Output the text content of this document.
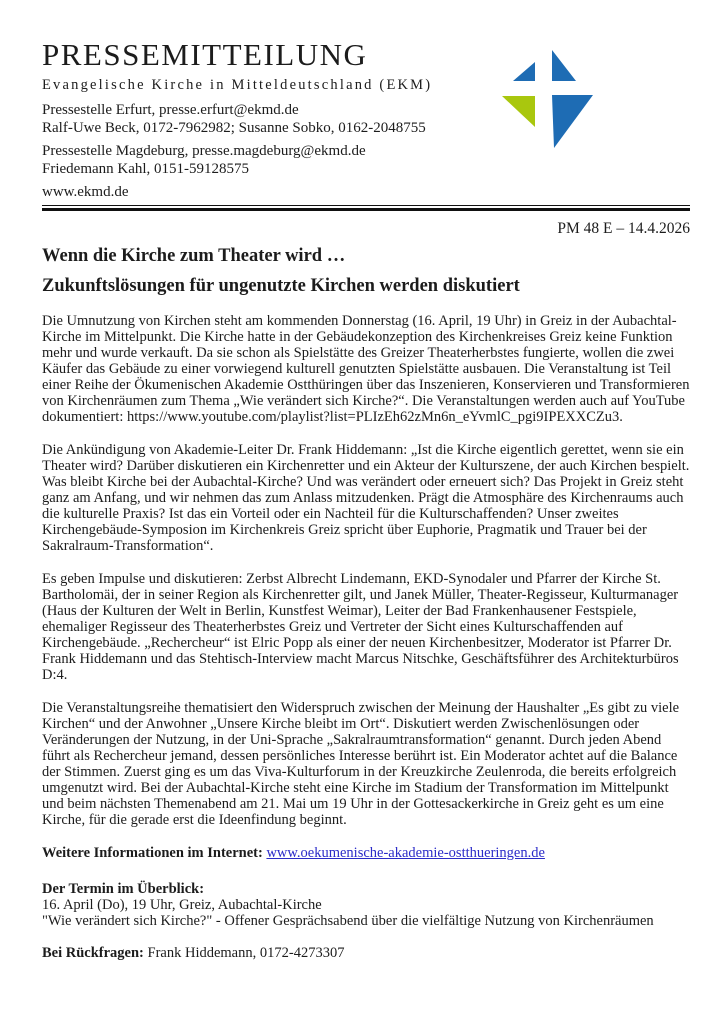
PRESSEMITTEILUNG
Evangelische Kirche in Mitteldeutschland (EKM)
Pressestelle Erfurt, presse.erfurt@ekmd.de
Ralf-Uwe Beck, 0172-7962982; Susanne Sobko, 0162-2048755
Pressestelle Magdeburg, presse.magdeburg@ekmd.de
Friedemann Kahl, 0151-59128575
www.ekmd.de
PM 48 E – 14.4.2026
Wenn die Kirche zum Theater wird …
Zukunftslösungen für ungenutzte Kirchen werden diskutiert

Die Umnutzung von Kirchen steht am kommenden Donnerstag (16. April, 19 Uhr) in Greiz in der Aubachtal-Kirche im Mittelpunkt. Die Kirche hatte in der Gebäudekonzeption des Kirchenkreises Greiz keine Funktion mehr und wurde verkauft. Da sie schon als Spielstätte des Greizer Theaterherbstes fungierte, wollen die zwei Käufer das Gebäude zu einer vorwiegend kulturell genutzten Spielstätte ausbauen. Die Veranstaltung ist Teil einer Reihe der Ökumenischen Akademie Ostthüringen über das Inszenieren, Konservieren und Transformieren von Kirchenräumen zum Thema „Wie verändert sich Kirche?“. Die Veranstaltungen werden auch auf YouTube dokumentiert: https://www.youtube.com/playlist?list=PLIzEh62zMn6n_eYvmlC_pgi9IPEXXCZu3.

Die Ankündigung von Akademie-Leiter Dr. Frank Hiddemann: „Ist die Kirche eigentlich gerettet, wenn sie ein Theater wird? Darüber diskutieren ein Kirchenretter und ein Akteur der Kulturszene, der auch Kirchen bespielt. Was bleibt Kirche bei der Aubachtal-Kirche? Und was verändert oder erneuert sich? Das Projekt in Greiz steht ganz am Anfang, und wir nehmen das zum Anlass mitzudenken. Prägt die Atmosphäre des Kirchenraums auch die kulturelle Praxis? Ist das ein Vorteil oder ein Nachteil für die Kulturschaffenden? Unser zweites Kirchengebäude-Symposion im Kirchenkreis Greiz spricht über Euphorie, Pragmatik und Trauer bei der Sakralraum-Transformation“.

Es geben Impulse und diskutieren: Zerbst Albrecht Lindemann, EKD-Synodaler und Pfarrer der Kirche St. Bartholomäi, der in seiner Region als Kirchenretter gilt, und Janek Müller, Theater-Regisseur, Kulturmanager (Haus der Kulturen der Welt in Berlin, Kunstfest Weimar), Leiter der Bad Frankenhausener Festspiele, ehemaliger Regisseur des Theaterherbstes Greiz und Vertreter der Sicht eines Kulturschaffenden auf Kirchengebäude. „Rechercheur“ ist Elric Popp als einer der neuen Kirchenbesitzer, Moderator ist Pfarrer Dr. Frank Hiddemann und das Stehtisch-Interview macht Marcus Nitschke, Geschäftsführer des Architekturbüros D:4.

Die Veranstaltungsreihe thematisiert den Widerspruch zwischen der Meinung der Haushalter „Es gibt zu viele Kirchen“ und der Anwohner „Unsere Kirche bleibt im Ort“. Diskutiert werden Zwischenlösungen oder Veränderungen der Nutzung, in der Uni-Sprache „Sakralraumtransformation“ genannt. Durch jeden Abend führt als Rechercheur jemand, dessen persönliches Interesse berührt ist. Ein Moderator achtet auf die Balance der Stimmen. Zuerst ging es um das Viva-Kulturforum in der Kreuzkirche Zeulenroda, die bereits erfolgreich umgenutzt wird. Bei der Aubachtal-Kirche steht eine Kirche im Stadium der Transformation im Mittelpunkt und beim nächsten Themenabend am 21. Mai um 19 Uhr in der Gottesackerkirche in Greiz geht es um eine Kirche, für die gerade erst die Ideenfindung beginnt.

Weitere Informationen im Internet: www.oekumenische-akademie-ostthueringen.de

Der Termin im Überblick:
16. April (Do), 19 Uhr, Greiz, Aubachtal-Kirche
"Wie verändert sich Kirche?" - Offener Gesprächsabend über die vielfältige Nutzung von Kirchenräumen

Bei Rückfragen: Frank Hiddemann, 0172-4273307
